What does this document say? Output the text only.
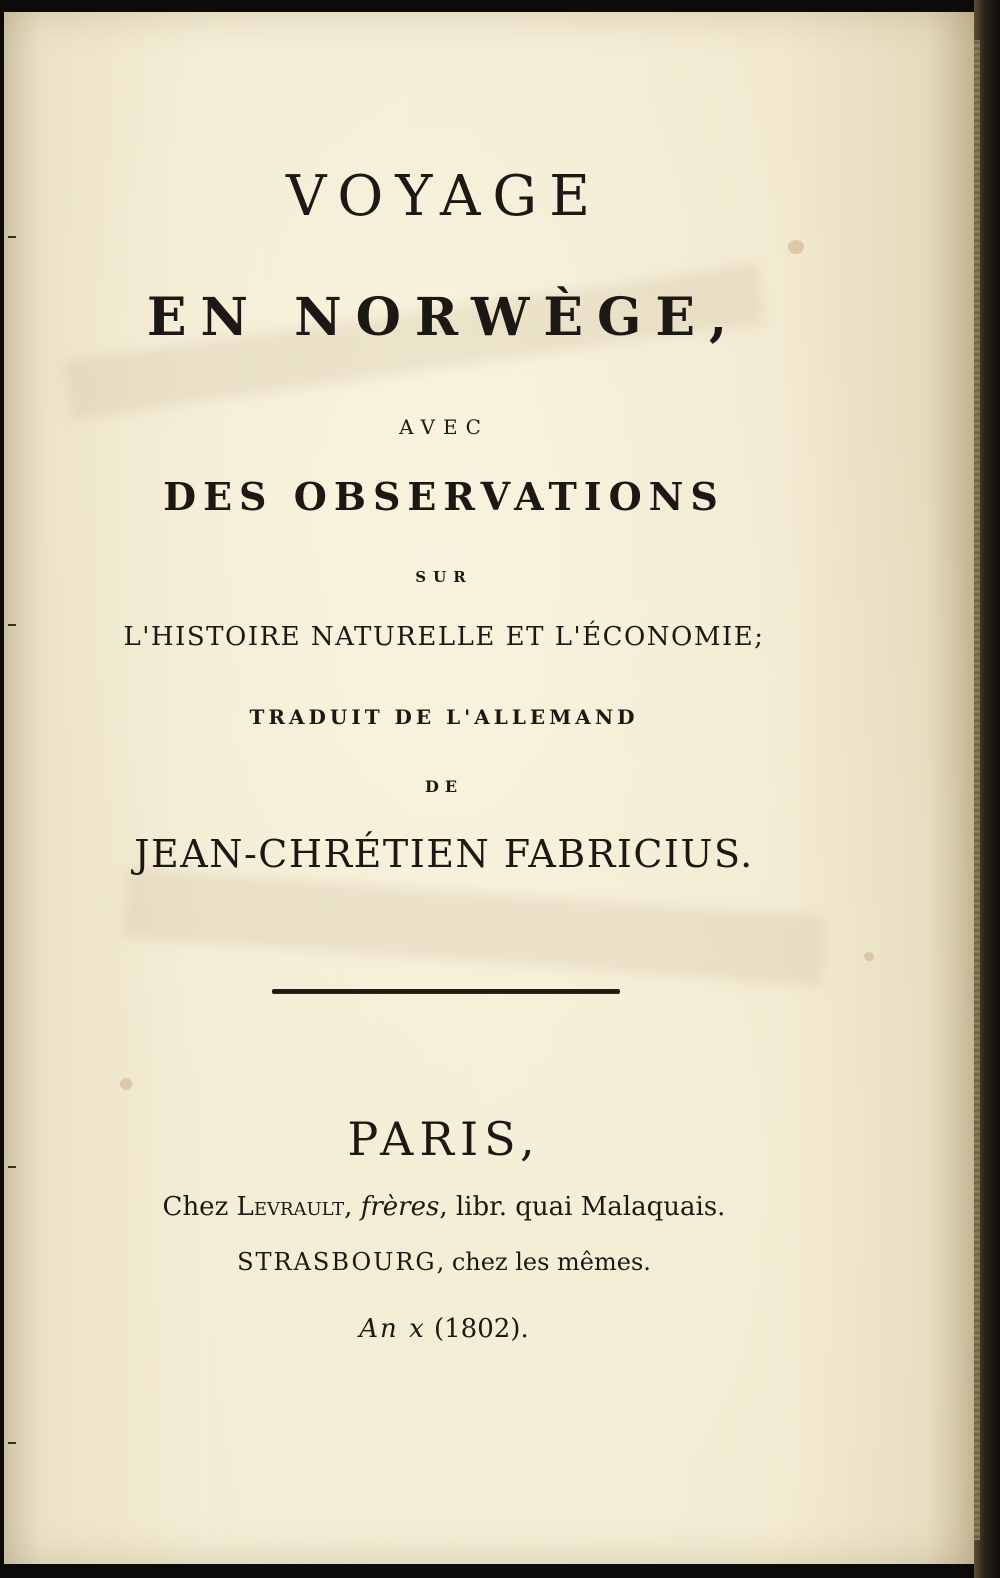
VOYAGE
EN NORWÈGE,
AVEC
DES OBSERVATIONS
SUR
L'HISTOIRE NATURELLE ET L'ÉCONOMIE;
TRADUIT DE L'ALLEMAND
DE
JEAN-CHRÉTIEN FABRICIUS.
PARIS,
Chez Levrault, frères, libr. quai Malaquais.
STRASBOURG, chez les mêmes.
An x (1802).
